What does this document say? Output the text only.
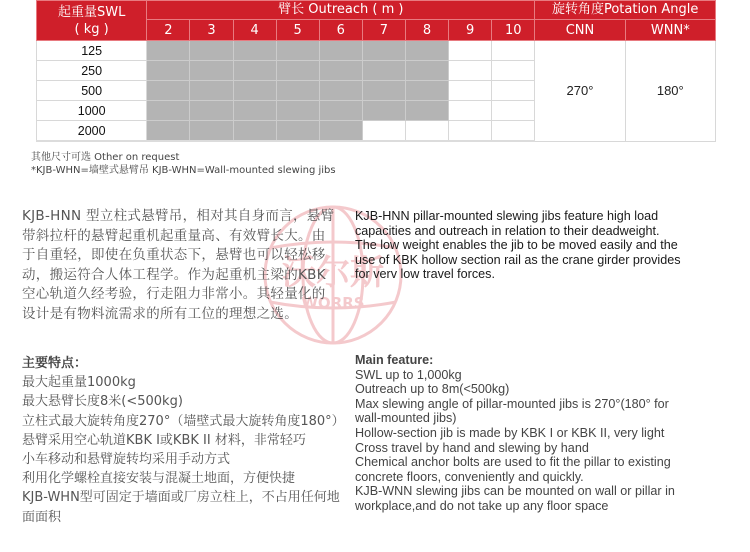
起重量SWL
( kg )	臂长 Outreach ( m )									旋转角度Potation Angle	
	2	3	4	5	6	7	8	9	10	CNN	WNN*
125										270°	180°
250											
500											
1000											
2000											
其他尺寸可选 Other on request
*KJB-WHN=墙壁式悬臂吊 KJB-WHN=Wall-mounted slewing jibs
沃尔斯
WORRS
KJB-HNN 型立柱式悬臂吊，相对其自身而言，悬臂带斜拉杆的悬臂起重机起重量高、有效臂长大。由于自重轻，即使在负重状态下，悬臂也可以轻松移动，搬运符合人体工程学。作为起重机主梁的KBK空心轨道久经考验，行走阻力非常小。其轻量化的设计是有物料流需求的所有工位的理想之选。
KJB-HNN pillar-mounted slewing jibs feature high load
capacities and outreach in relation to their deadweight.
The low weight enables the jib to be moved easily and the
use of KBK hollow section rail as the crane girder provides
for verv low travel forces.
主要特点：
最大起重量1000kg
最大悬臂长度8米(<500kg)
立柱式最大旋转角度270°（墙壁式最大旋转角度180°）
悬臂采用空心轨道KBK I或KBK II 材料，非常轻巧
小车移动和悬臂旋转均采用手动方式
利用化学螺栓直接安装与混凝土地面，方便快捷
KJB-WHN型可固定于墙面或厂房立柱上，不占用任何地面面积
Main feature:
SWL up to 1,000kg
Outreach up to 8m(<500kg)
Max slewing angle of pillar-mounted jibs is 270°(180° for
wall-mounted jibs)
Hollow-section jib is made by KBK I or KBK II, very light
Cross travel by hand and slewing by hand
Chemical anchor bolts are used to fit the pillar to existing
concrete floors, conveniently and quickly.
KJB-WNN slewing jibs can be mounted on wall or pillar in
workplace,and do not take up any floor space
